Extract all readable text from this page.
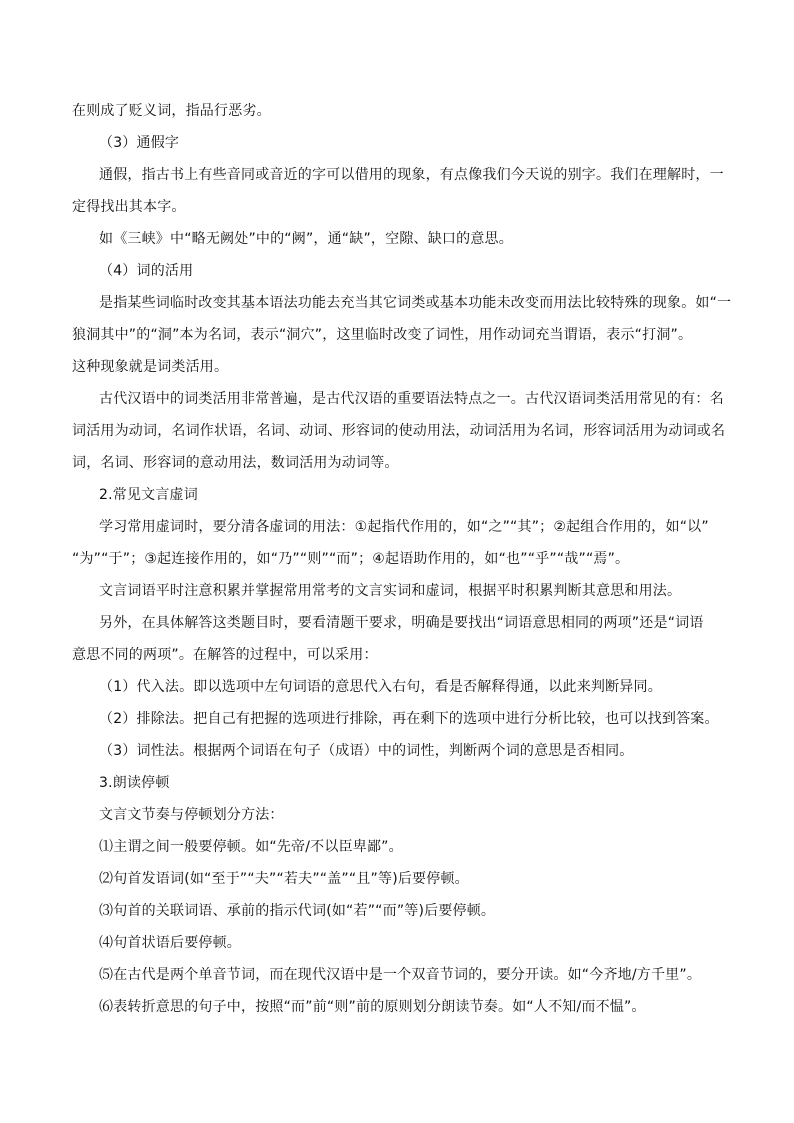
在则成了贬义词，指品行恶劣。
（3）通假字
通假，指古书上有些音同或音近的字可以借用的现象，有点像我们今天说的别字。我们在理解时，一
定得找出其本字。
如《三峡》中“略无阙处”中的“阙”，通“缺”，空隙、缺口的意思。
（4）词的活用
是指某些词临时改变其基本语法功能去充当其它词类或基本功能未改变而用法比较特殊的现象。如“一
狼洞其中”的“洞”本为名词，表示“洞穴”，这里临时改变了词性，用作动词充当谓语，表示“打洞”。
这种现象就是词类活用。
古代汉语中的词类活用非常普遍，是古代汉语的重要语法特点之一。古代汉语词类活用常见的有：名
词活用为动词，名词作状语，名词、动词、形容词的使动用法，动词活用为名词，形容词活用为动词或名
词，名词、形容词的意动用法，数词活用为动词等。
2.常见文言虚词
学习常用虚词时，要分清各虚词的用法：①起指代作用的，如“之”“其”；②起组合作用的，如“以”
“为”“于”；③起连接作用的，如“乃”“则”“而”；④起语助作用的，如“也”“乎”“哉”“焉”。
文言词语平时注意积累并掌握常用常考的文言实词和虚词，根据平时积累判断其意思和用法。
另外，在具体解答这类题目时，要看清题干要求，明确是要找出“词语意思相同的两项”还是“词语
意思不同的两项”。在解答的过程中，可以采用：
（1）代入法。即以选项中左句词语的意思代入右句，看是否解释得通，以此来判断异同。
（2）排除法。把自己有把握的选项进行排除，再在剩下的选项中进行分析比较，也可以找到答案。
（3）词性法。根据两个词语在句子（成语）中的词性，判断两个词的意思是否相同。
3.朗读停顿
文言文节奏与停顿划分方法：
⑴主谓之间一般要停顿。如“先帝/不以臣卑鄙”。
⑵句首发语词(如“至于”“夫”“若夫”“盖”“且”等)后要停顿。
⑶句首的关联词语、承前的指示代词(如“若”“而”等)后要停顿。
⑷句首状语后要停顿。
⑸在古代是两个单音节词，而在现代汉语中是一个双音节词的，要分开读。如“今齐地/方千里”。
⑹表转折意思的句子中，按照“而”前“则”前的原则划分朗读节奏。如“人不知/而不愠”。
